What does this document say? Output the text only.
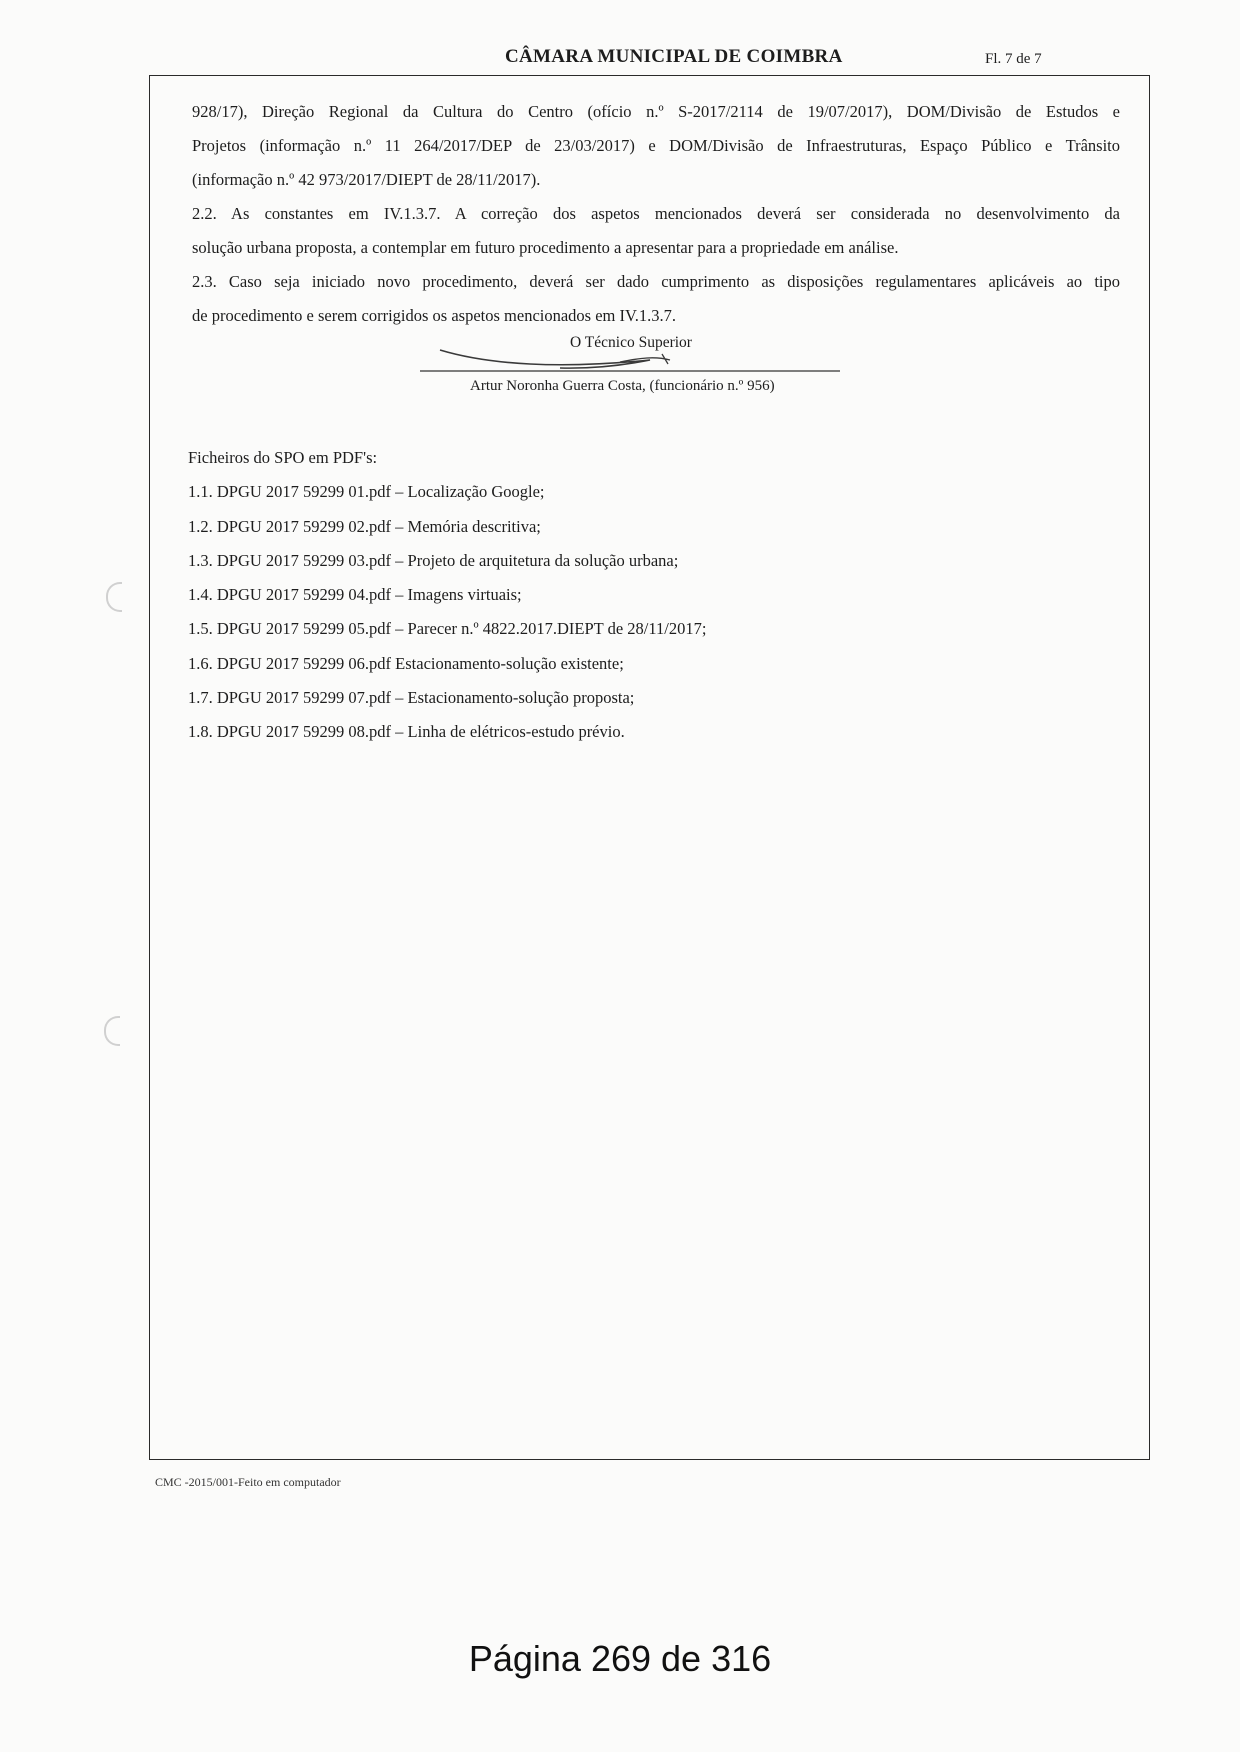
CÂMARA MUNICIPAL DE COIMBRA	Fl. 7 de 7

928/17), Direção Regional da Cultura do Centro (ofício n.º S-2017/2114 de 19/07/2017), DOM/Divisão de Estudos e

Projetos (informação n.º 11 264/2017/DEP de 23/03/2017) e DOM/Divisão de Infraestruturas, Espaço Público e Trânsito

(informação n.º 42 973/2017/DIEPT de 28/11/2017).

2.2. As constantes em IV.1.3.7. A correção dos aspetos mencionados deverá ser considerada no desenvolvimento da

solução urbana proposta, a contemplar em futuro procedimento a apresentar para a propriedade em análise.

2.3. Caso seja iniciado novo procedimento, deverá ser dado cumprimento as disposições regulamentares aplicáveis ao tipo

de procedimento e serem corrigidos os aspetos mencionados em IV.1.3.7.

O Técnico Superior
Artur Noronha Guerra Costa, (funcionário n.º 956)

Ficheiros do SPO em PDF's:

1.1. DPGU 2017 59299 01.pdf – Localização Google;

1.2. DPGU 2017 59299 02.pdf – Memória descritiva;

1.3. DPGU 2017 59299 03.pdf – Projeto de arquitetura da solução urbana;

1.4. DPGU 2017 59299 04.pdf – Imagens virtuais;

1.5. DPGU 2017 59299 05.pdf – Parecer n.º 4822.2017.DIEPT de 28/11/2017;

1.6. DPGU 2017 59299 06.pdf Estacionamento-solução existente;

1.7. DPGU 2017 59299 07.pdf – Estacionamento-solução proposta;

1.8. DPGU 2017 59299 08.pdf – Linha de elétricos-estudo prévio.

CMC -2015/001-Feito em computador
Página 269 de 316
